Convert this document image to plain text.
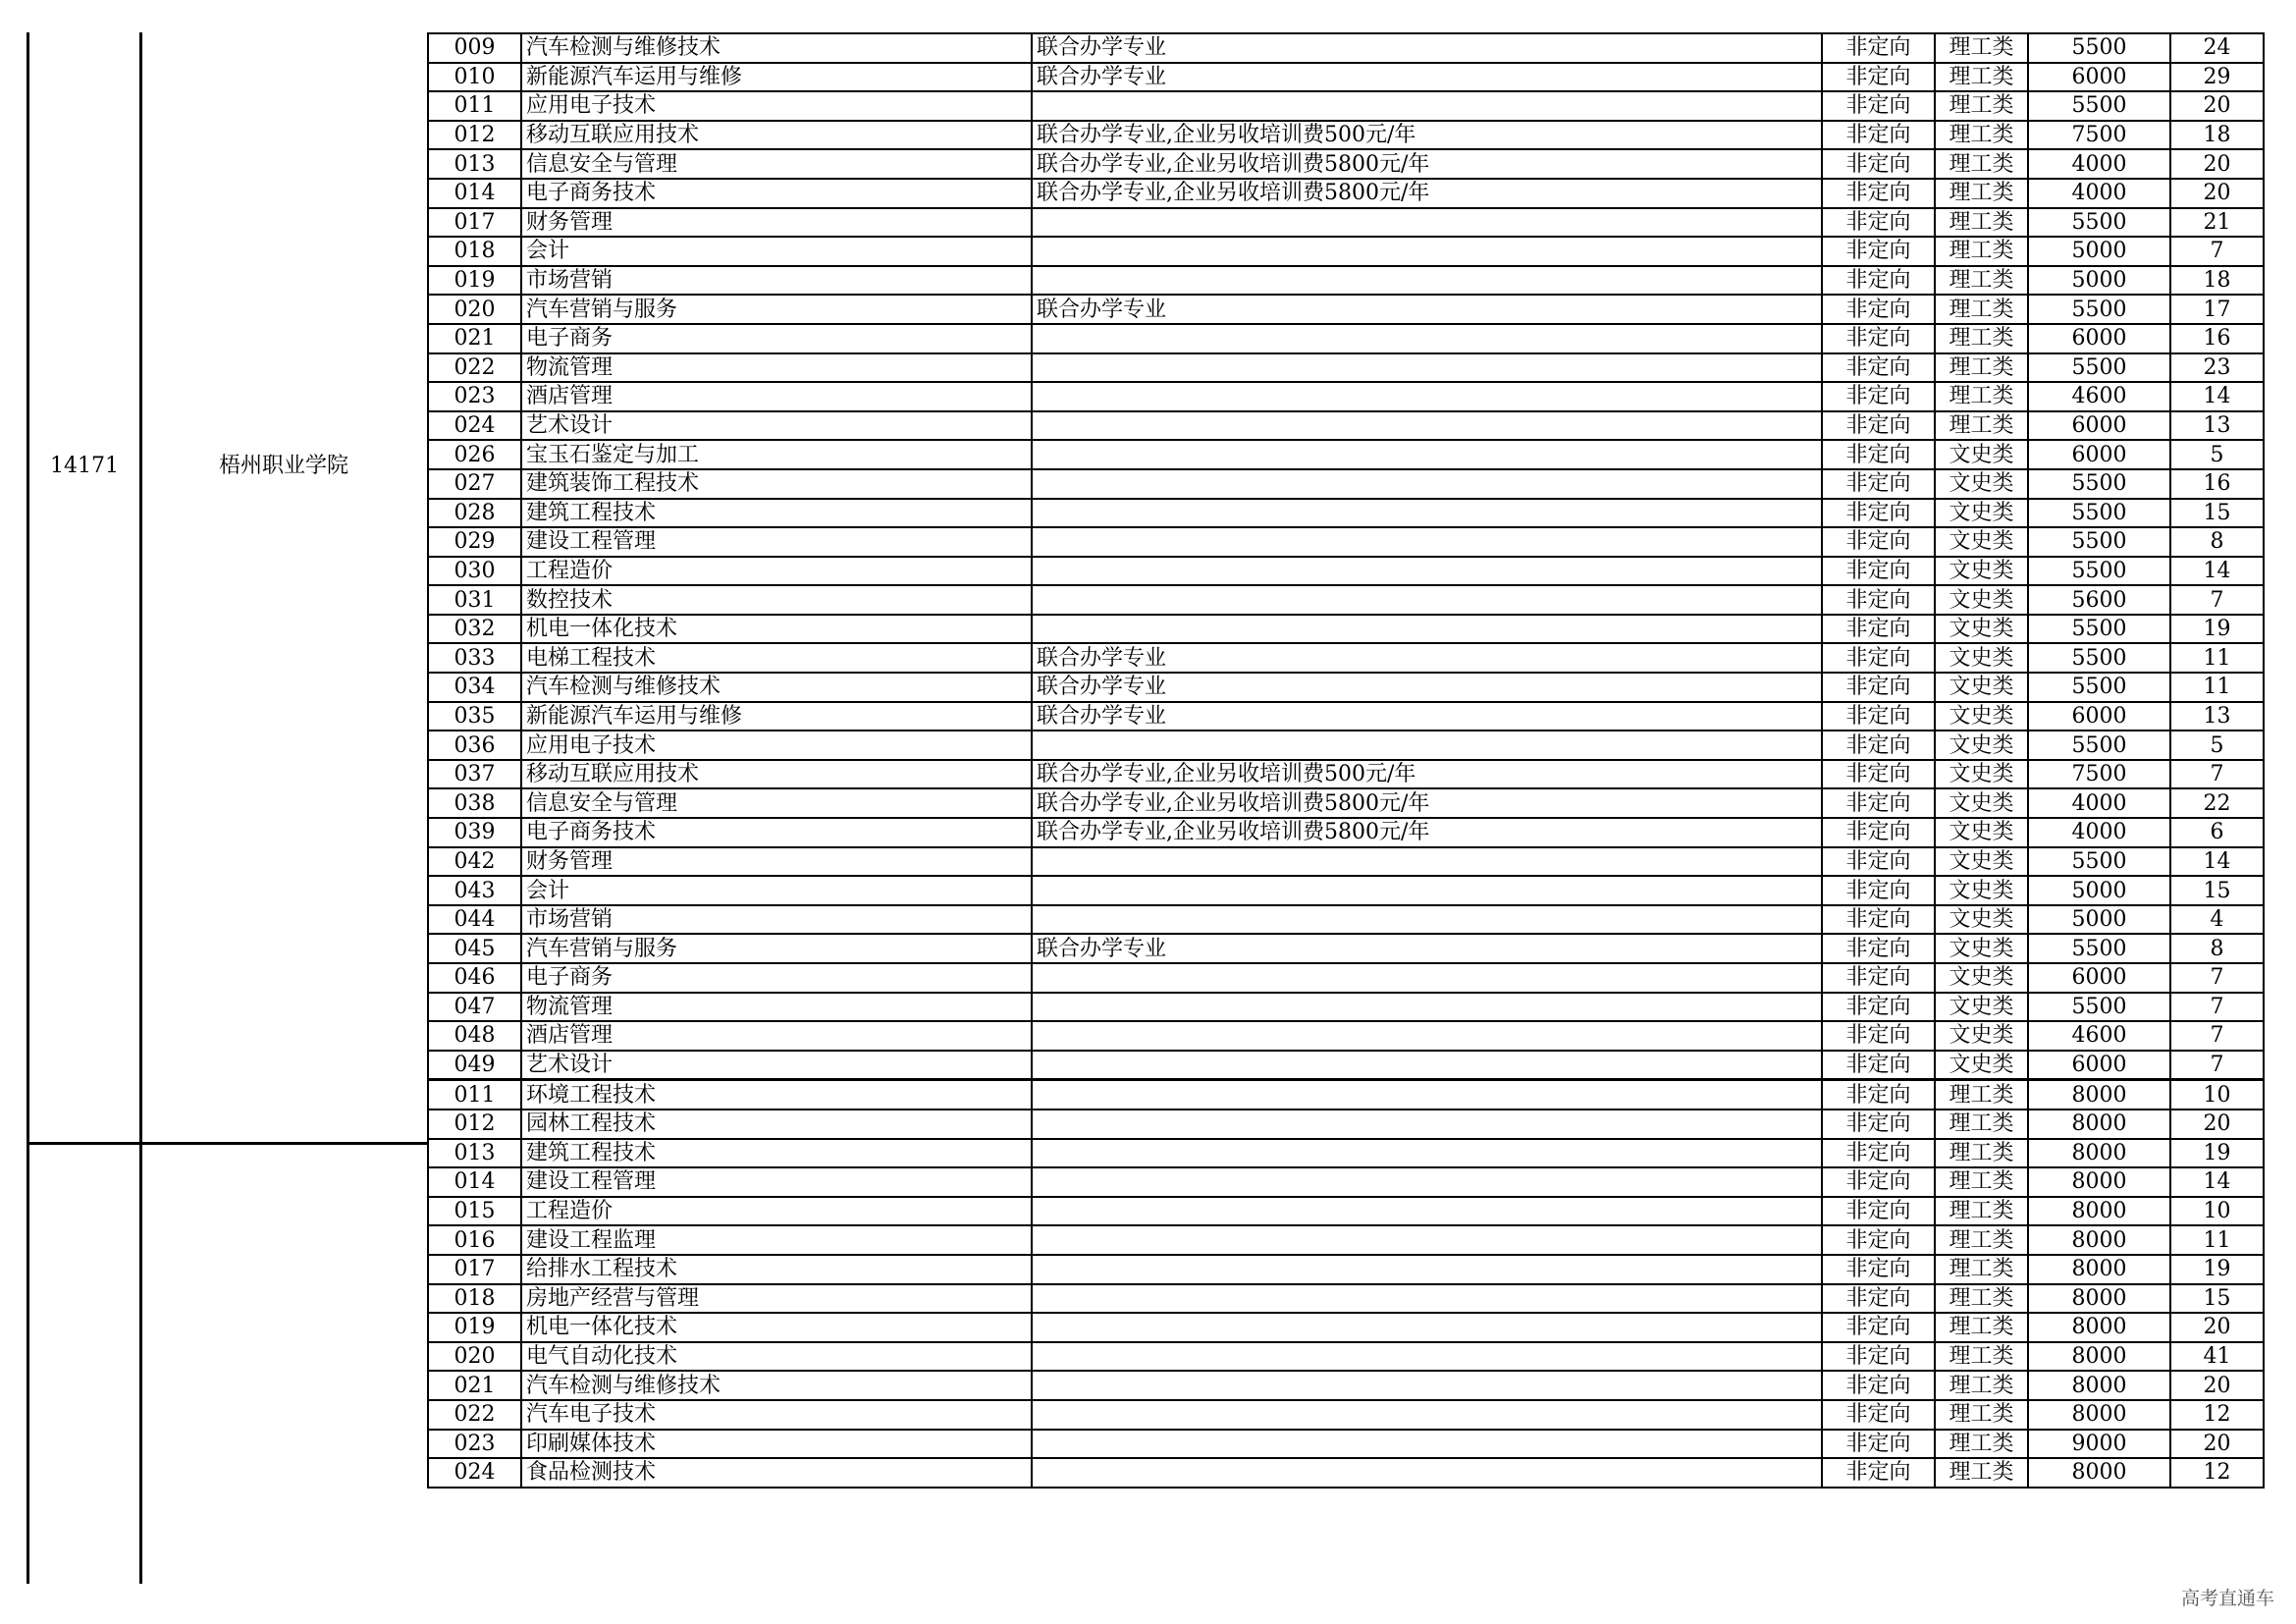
14171	梧州职业学院
009	汽车检测与维修技术	联合办学专业	非定向	理工类	5500	24
010	新能源汽车运用与维修	联合办学专业	非定向	理工类	6000	29
011	应用电子技术		非定向	理工类	5500	20
012	移动互联应用技术	联合办学专业,企业另收培训费500元/年	非定向	理工类	7500	18
013	信息安全与管理	联合办学专业,企业另收培训费5800元/年	非定向	理工类	4000	20
014	电子商务技术	联合办学专业,企业另收培训费5800元/年	非定向	理工类	4000	20
017	财务管理		非定向	理工类	5500	21
018	会计		非定向	理工类	5000	7
019	市场营销		非定向	理工类	5000	18
020	汽车营销与服务	联合办学专业	非定向	理工类	5500	17
021	电子商务		非定向	理工类	6000	16
022	物流管理		非定向	理工类	5500	23
023	酒店管理		非定向	理工类	4600	14
024	艺术设计		非定向	理工类	6000	13
026	宝玉石鉴定与加工		非定向	文史类	6000	5
027	建筑装饰工程技术		非定向	文史类	5500	16
028	建筑工程技术		非定向	文史类	5500	15
029	建设工程管理		非定向	文史类	5500	8
030	工程造价		非定向	文史类	5500	14
031	数控技术		非定向	文史类	5600	7
032	机电一体化技术		非定向	文史类	5500	19
033	电梯工程技术	联合办学专业	非定向	文史类	5500	11
034	汽车检测与维修技术	联合办学专业	非定向	文史类	5500	11
035	新能源汽车运用与维修	联合办学专业	非定向	文史类	6000	13
036	应用电子技术		非定向	文史类	5500	5
037	移动互联应用技术	联合办学专业,企业另收培训费500元/年	非定向	文史类	7500	7
038	信息安全与管理	联合办学专业,企业另收培训费5800元/年	非定向	文史类	4000	22
039	电子商务技术	联合办学专业,企业另收培训费5800元/年	非定向	文史类	4000	6
042	财务管理		非定向	文史类	5500	14
043	会计		非定向	文史类	5000	15
044	市场营销		非定向	文史类	5000	4
045	汽车营销与服务	联合办学专业	非定向	文史类	5500	8
046	电子商务		非定向	文史类	6000	7
047	物流管理		非定向	文史类	5500	7
048	酒店管理		非定向	文史类	4600	7
049	艺术设计		非定向	文史类	6000	7
011	环境工程技术		非定向	理工类	8000	10
012	园林工程技术		非定向	理工类	8000	20
013	建筑工程技术		非定向	理工类	8000	19
014	建设工程管理		非定向	理工类	8000	14
015	工程造价		非定向	理工类	8000	10
016	建设工程监理		非定向	理工类	8000	11
017	给排水工程技术		非定向	理工类	8000	19
018	房地产经营与管理		非定向	理工类	8000	15
019	机电一体化技术		非定向	理工类	8000	20
020	电气自动化技术		非定向	理工类	8000	41
021	汽车检测与维修技术		非定向	理工类	8000	20
022	汽车电子技术		非定向	理工类	8000	12
023	印刷媒体技术		非定向	理工类	9000	20
024	食品检测技术		非定向	理工类	8000	12
高考直通车
